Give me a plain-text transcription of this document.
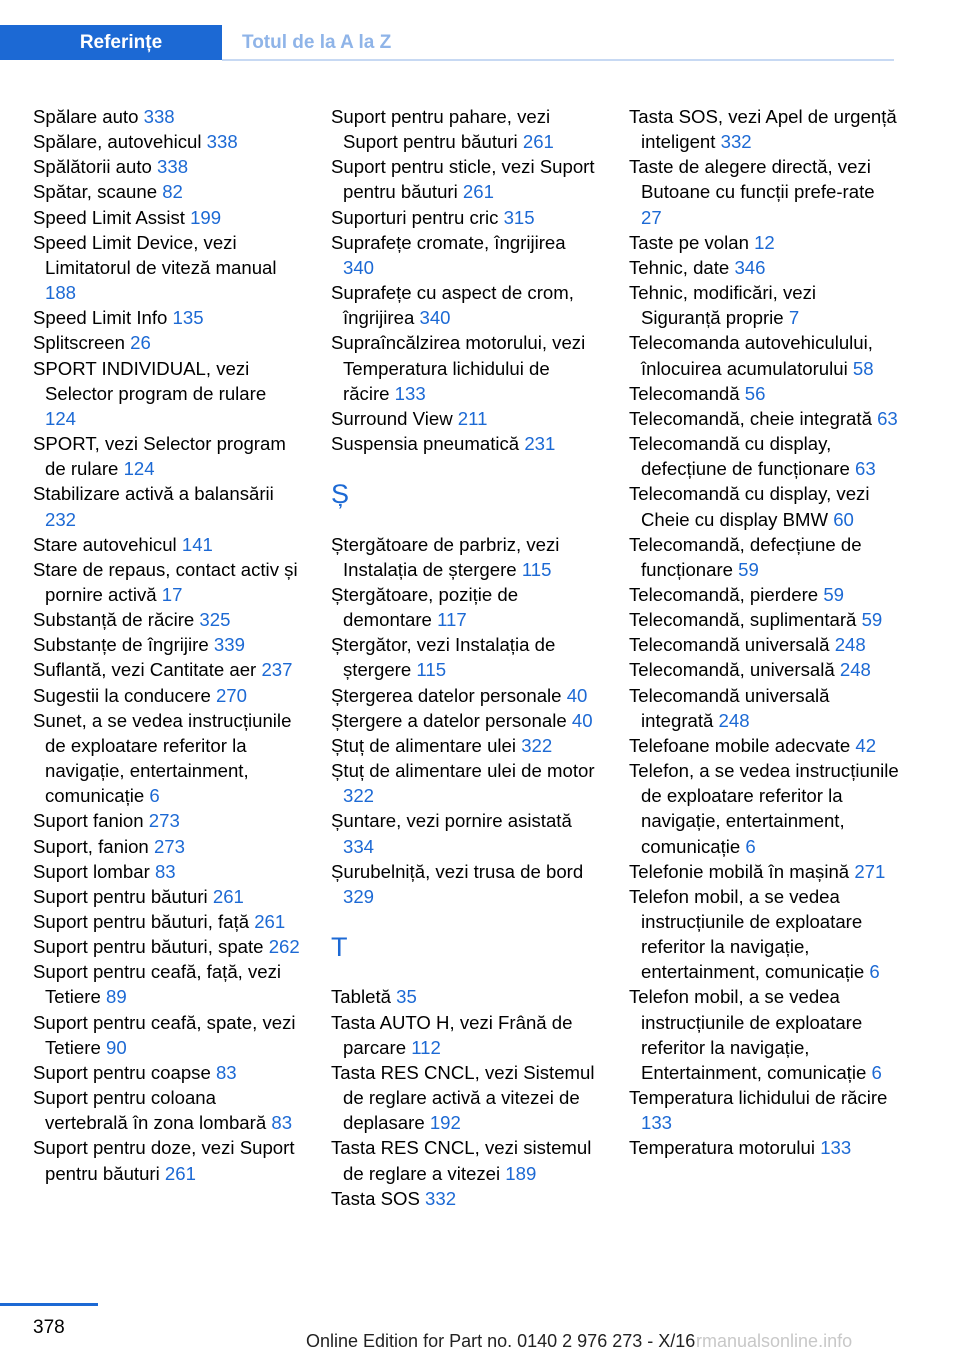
Referințe	Totul de la A la Z

Spălare auto 338

Spălare, autovehicul 338

Spălătorii auto 338

Spătar, scaune 82

Speed Limit Assist 199

Speed Limit Device, vezi Limitatorul de viteză manual 188

Speed Limit Info 135

Splitscreen 26

SPORT INDIVIDUAL, vezi Selector program de rulare 124

SPORT, vezi Selector program de rulare 124

Stabilizare activă a balansării 232

Stare autovehicul 141

Stare de repaus, contact activ și pornire activă 17

Substanță de răcire 325

Substanțe de îngrijire 339

Suflantă, vezi Cantitate aer 237

Sugestii la conducere 270

Sunet, a se vedea instrucțiunile de exploatare referitor la navigație, entertainment, comunicație 6

Suport fanion 273

Suport, fanion 273

Suport lombar 83

Suport pentru băuturi 261

Suport pentru băuturi, față 261

Suport pentru băuturi, spate 262

Suport pentru ceafă, față, vezi Tetiere 89

Suport pentru ceafă, spate, vezi Tetiere 90

Suport pentru coapse 83

Suport pentru coloana vertebrală în zona lombară 83

Suport pentru doze, vezi Suport pentru băuturi 261

Suport pentru pahare, vezi Suport pentru băuturi 261

Suport pentru sticle, vezi Suport pentru băuturi 261

Suporturi pentru cric 315

Suprafețe cromate, îngrijirea 340

Suprafețe cu aspect de crom, îngrijirea 340

Supraîncălzirea motorului, vezi Temperatura lichidului de răcire 133

Surround View 211

Suspensia pneumatică 231

Ș

Ștergătoare de parbriz, vezi Instalația de ștergere 115

Ștergătoare, poziție de demontare 117

Ștergător, vezi Instalația de ștergere 115

Ștergerea datelor personale 40

Ștergere a datelor personale 40

Ștuț de alimentare ulei 322

Ștuț de alimentare ulei de motor 322

Șuntare, vezi pornire asistată 334

Șurubelniță, vezi trusa de bord 329

T

Tabletă 35

Tasta AUTO H, vezi Frână de parcare 112

Tasta RES CNCL, vezi Sistemul de reglare activă a vitezei de deplasare 192

Tasta RES CNCL, vezi sistemul de reglare a vitezei 189

Tasta SOS 332

Tasta SOS, vezi Apel de urgență inteligent 332

Taste de alegere directă, vezi Butoane cu funcții prefe-rate 27

Taste pe volan 12

Tehnic, date 346

Tehnic, modificări, vezi Siguranță proprie 7

Telecomanda autovehiculului, înlocuirea acumulatorului 58

Telecomandă 56

Telecomandă, cheie integrată 63

Telecomandă cu display, defecțiune de funcționare 63

Telecomandă cu display, vezi Cheie cu display BMW 60

Telecomandă, defecțiune de funcționare 59

Telecomandă, pierdere 59

Telecomandă, suplimentară 59

Telecomandă universală 248

Telecomandă, universală 248

Telecomandă universală integrată 248

Telefoane mobile adecvate 42

Telefon, a se vedea instrucțiunile de exploatare referitor la navigație, entertainment, comunicație 6

Telefonie mobilă în mașină 271

Telefon mobil, a se vedea instrucțiunile de exploatare referitor la navigație, entertainment, comunicație 6

Telefon mobil, a se vedea instrucțiunile de exploatare referitor la navigație, Entertainment, comunicație 6

Temperatura lichidului de răcire 133

Temperatura motorului 133

378
Online Edition for Part no. 0140 2 976 273 - X/16 rmanualsonline.info
